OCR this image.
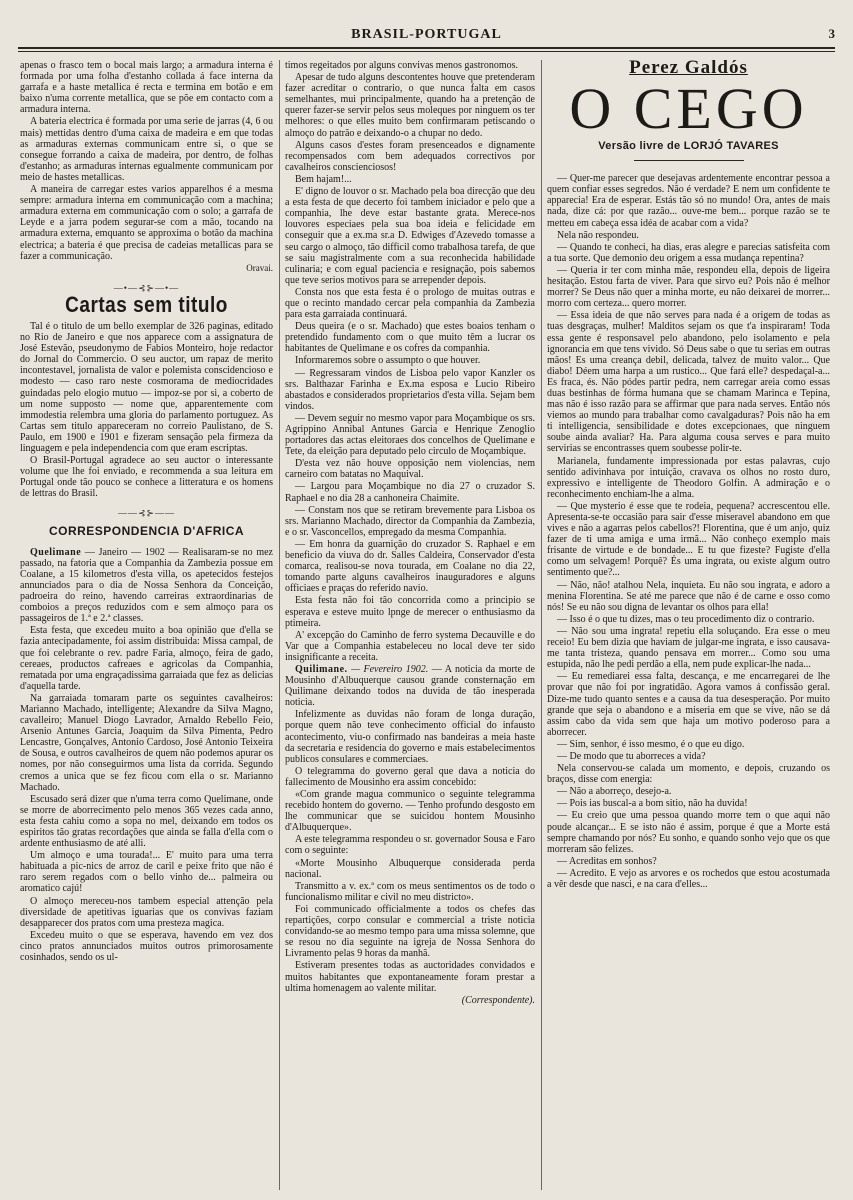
BRASIL-PORTUGAL	3

apenas o frasco tem o bocal mais largo; a armadura interna é formada por uma folha d'estanho collada á face interna da garrafa e a haste metallica é recta e termina em botão e em baixo n'uma corrente metallica, que se põe em contacto com a armadura interna.

A bateria electrica é formada por uma serie de jarras (4, 6 ou mais) mettidas dentro d'uma caixa de madeira e em que todas as armaduras externas communicam entre si, o que se consegue forrando a caixa de madeira, por dentro, de folhas d'estanho; as armaduras internas egualmente communicam por meio de hastes metallicas.

A maneira de carregar estes varios apparelhos é a mesma sempre: armadura interna em communicação com a machina; armadura externa em communicação com o solo; a garrafa de Leyde e a jarra podem segurar-se com a mão, tocando na armadura externa, emquanto se approxima o botão da machina electrica; a bateria é que precisa de cadeias metallicas para se fazer a communicação.

Oravai.
—•—⊰⊱—•—
Cartas sem titulo

Tal é o titulo de um bello exemplar de 326 paginas, editado no Rio de Janeiro e que nos apparece com a assignatura de José Estevão, pseudonymo de Fabios Monteiro, hoje redactor do Jornal do Commercio. O seu auctor, um rapaz de merito incontestavel, jornalista de valor e polemista conscidencioso e modesto — caso raro neste cosmorama de mediocridades guindadas pelo elogio mutuo — impoz-se por si, a coberto de um nome supposto — nome que, apparentemente com immodestia relembra uma gloria do parlamento portuguez. As Cartas sem titulo appareceram no correio Paulistano, de S. Paulo, em 1900 e 1901 e fizeram sensação pela firmeza da linguagem e pela independencia com que eram escriptas.

O Brasil-Portugal agradece ao seu auctor o interessante volume que lhe foi enviado, e recommenda a sua leitura em Portugal onde tão pouco se conhece a litteratura e os homens de lettras do Brasil.

——⊰⊱——
CORRESPONDENCIA D'AFRICA

Quelimane — Janeiro — 1902 — Realisaram-se no mez passado, na fatoria que a Companhia da Zambezia possue em Coalane, a 15 kilometros d'esta villa, os apetecidos festejos annunciados para o dia de Nossa Senhora da Conceição, padroeira do reino, havendo carreiras extraordinarias de comboios a preços reduzidos com e sem almoço para os passageiros de 1.ª e 2.ª classes.

Esta festa, que excedeu muito a boa opinião que d'ella se fazia antecipadamente, foi assim distribuida: Missa campal, de que foi celebrante o rev. padre Faria, almoço, feira de gado, cereaes, productos cafreaes e agricolas da Companhia, rematada por uma engraçadissima garraiada que fez as delicias d'aquella tarde.

Na garraiada tomaram parte os seguintes cavalheiros: Marianno Machado, intelligente; Alexandre da Silva Magno, cavalleiro; Manuel Diogo Lavrador, Arnaldo Rebello Feio, Arsenio Antunes Garcia, Joaquim da Silva Pimenta, Pedro Lencastre, Gonçalves, Antonio Cardoso, José Antonio Teixeira de Sousa, e outros cavalheiros de quem não podemos apurar os nomes, por não conseguirmos uma lista da corrida. Segundo cremos a unica que se fez ficou com ella o sr. Marianno Machado.

Escusado será dizer que n'uma terra como Quelimane, onde se morre de aborrecimento pelo menos 365 vezes cada anno, esta festa cahiu como a sopa no mel, deixando em todos os espiritos tão gratas recordações que ainda se falla d'ella com o ardente enthusiasmo de até alli.

Um almoço e uma tourada!... E' muito para uma terra habituada a pic-nics de arroz de caril e peixe frito que não é raro serem regados com o bello vinho de... palmeira ou aromatico cajú!

O almoço mereceu-nos tambem especial attenção pela diversidade de apetitivas iguarias que os convivas faziam desapparecer dos pratos com uma presteza magica.

Excedeu muito o que se esperava, havendo em vez dos cinco pratos annunciados muitos outros primorosamente cosinhados, sendo os ul-

timos regeitados por alguns convivas menos gastronomos.

Apesar de tudo alguns descontentes houve que pretenderam fazer acreditar o contrario, o que nunca falta em casos semelhantes, mui principalmente, quando ha a pretenção de querer fazer-se servir pelos seus moleques por ninguem os ter melhores: o que elles muito bem confirmaram petiscando o almoço do patrão e deixando-o a chupar no dedo.

Alguns casos d'estes foram presenceados e dignamente recompensados com bem adequados correctivos por cavalheiros conscienciosos!

Bem hajam!...

E' digno de louvor o sr. Machado pela boa direcção que deu a esta festa de que decerto foi tambem iniciador e pelo que a companhia, lhe deve estar bastante grata. Merece-nos louvores especiaes pela sua boa ideia e felicidade em conseguir que a ex.ma sr.a D. Edwiges d'Azevedo tomasse a seu cargo o almoço, tão difficil como trabalhosa tarefa, de que se saiu magistralmente com a sua reconhecida habilidade culinaria; e com egual paciencia e resignação, pois sabemos que teve serios motivos para se arrepender depois.

Consta nos que esta festa é o prologo de muitas outras e que o recinto mandado cercar pela companhia da Zambezia para esta garraiada continuará.

Deus queira (e o sr. Machado) que estes boaios tenham o pretendido fundamento com o que muito têm a lucrar os habitantes de Quelimane e os cofres da companhia.

Informaremos sobre o assumpto o que houver.

— Regressaram vindos de Lisboa pelo vapor Kanzler os srs. Balthazar Farinha e Ex.ma esposa e Lucio Ribeiro abastados e considerados proprietarios d'esta villa. Sejam bem vindos.

— Devem seguir no mesmo vapor para Moçambique os srs. Agrippino Annibal Antunes Garcia e Henrique Zenoglio portadores das actas eleitoraes dos concelhos de Quelimane e Tete, da eleição para deputado pelo circulo de Moçambique.

D'esta vez não houve opposição nem violencias, nem carneiro com batatas no Maquival.

— Largou para Moçambique no dia 27 o cruzador S. Raphael e no dia 28 a canhoneira Chaimite.

— Constam nos que se retiram brevemente para Lisboa os srs. Marianno Machado, director da Companhia da Zambezia, e o sr. Vasconcellos, empregado da mesma Companhia.

— Em honra da guarnição do cruzador S. Raphael e em beneficio da viuva do dr. Salles Caldeira, Conservador d'esta comarca, realisou-se nova tourada, em Coalane no dia 22, tomando parte alguns cavalheiros inauguradores e alguns officiaes e praças do referido navio.

Esta festa não foi tão concorrida como a principio se esperava e esteve muito lpnge de merecer o enthusiasmo da ptimeira.

A' excepção do Caminho de ferro systema Decauville e do Var que a Companhia estabeleceu no local deve ter sido insignificante a receita.

Quilimane. — Fevereiro 1902. — A noticia da morte de Mousinho d'Albuquerque causou grande consternação em Quilimane deixando todos na duvida de tão inesperada noticia.

Infelizmente as duvidas não foram de longa duração, porque quem não teve conhecimento official do infausto acontecimento, viu-o confirmado nas bandeiras a meia haste da secretaria e residencia do governo e mais estabelecimentos publicos consulares e commerciaes.

O telegramma do governo geral que dava a noticia do fallecimento de Mousinho era assim concebido:

«Com grande magua communico o seguinte telegramma recebido hontem do governo. — Tenho profundo desgosto em lhe communicar que se suicidou hontem Mousinho d'Albuquerque».

A este telegramma respondeu o sr. governador Sousa e Faro com o seguinte:

«Morte Mousinho Albuquerque considerada perda nacional.

Transmitto a v. ex.ª com os meus sentimentos os de todo o funcionalismo militar e civil no meu districto».

Foi communicado officialmente a todos os chefes das repartições, corpo consular e commercial a triste noticia convidando-se ao mesmo tempo para uma missa solemne, que se resou no dia seguinte na igreja de Nossa Senhora do Livramento pelas 9 horas da manhã.

Estiveram presentes todas as auctoridades convidados e muitos habitantes que expontaneamente foram prestar a ultima homenagem ao valente militar.

(Correspondente).
Perez Galdós
O CEGO
Versão livre de LORJÓ TAVARES

— Quer-me parecer que desejavas ardentemente encontrar pessoa a quem confiar esses segredos. Não é verdade? E nem um confidente te apparecia! Era de esperar. Estás tão só no mundo! Ora, antes de mais nada, dize cá: por que razão... ouve-me bem... porque razão se te metteu em cabeça essa idéa de acabar com a vida?

Nela não respondeu.

— Quando te conheci, ha dias, eras alegre e parecias satisfeita com a tua sorte. Que demonio deu origem a essa mudança repentina?

— Queria ir ter com minha mãe, respondeu ella, depois de ligeira hesitação. Estou farta de viver. Para que sirvo eu? Pois não é melhor morrer? Se Deus não quer a minha morte, eu não deixarei de morrer... morro com certeza... quero morrer.

— Essa ideia de que não serves para nada é a origem de todas as tuas desgraças, mulher! Malditos sejam os que t'a inspiraram! Toda essa gente é responsavel pelo abandono, pelo isolamento e pela ignorancia em que tens vivido. Só Deus sabe o que tu serias em outras mãos! Es uma creança debil, delicada, talvez de muito valor... Que diabo! Déem uma harpa a um rustico... Que fará elle? despedaçal-a... Es fraca, és. Não pódes partir pedra, nem carregar areia como essas duas bestinhas de fórma humana que se chamam Marinca e Tepina, mas não é isso razão para se affirmar que para nada serves. Então nós viemos ao mundo para trabalhar como cavalgaduras? Pois não ha em ti intelligencia, sensibilidade e dotes excepcionaes, que ninguem soube ainda avaliar? Ha. Para alguma cousa serves e para muito servirias se encontrasses quem soubesse polir-te.

Marianela, fundamente impressionada por estas palavras, cujo sentido adivinhava por intuição, cravava os olhos no rosto duro, expressivo e intelligente de Theodoro Golfin. A admiração e o reconhecimento enchiam-lhe a alma.

— Que mysterio é esse que te rodeia, pequena? accrescentou elle. Apresenta-se-te occasião para sair d'esse miseravel abandono em que vives e não a agarras pelos cabellos?! Florentina, que é um anjo, quiz fazer de ti uma amiga e uma irmã... Não conheço exemplo mais frisante de virtude e de bondade... E tu que fizeste? Fugiste d'ella como um selvagem! Porquê? És uma ingrata, ou existe algum outro sentimento que?...

— Não, não! atalhou Nela, inquieta. Eu não sou ingrata, e adoro a menina Florentina. Se até me parece que não é de carne e osso como nós! Se eu não sou digna de levantar os olhos para ella!

— Isso é o que tu dizes, mas o teu procedimento diz o contrario.

— Não sou uma ingrata! repetiu ella soluçando. Era esse o meu receio! Eu bem dizia que haviam de julgar-me ingrata, e isso causava-me tanta tristeza, quando pensava em morrer... Como sou uma estupida, não lhe pedi perdão a ella, nem pude explicar-lhe nada...

— Eu remediarei essa falta, descança, e me encarregarei de lhe provar que não foi por ingratidão. Agora vamos á confissão geral. Dize-me tudo quanto sentes e a causa da tua desesperação. Por muito grande que seja o abandono e a miseria em que se vive, não se dá assim cabo da vida sem que haja um motivo poderoso para a aborrecer.

— Sim, senhor, é isso mesmo, é o que eu digo.

— De modo que tu aborreces a vida?

Nela conservou-se calada um momento, e depois, cruzando os braços, disse com energia:

— Não a aborreço, desejo-a.

— Pois ias buscal-a a bom sitio, não ha duvida!

— Eu creio que uma pessoa quando morre tem o que aqui não poude alcançar... E se isto não é assim, porque é que a Morte está sempre chamando por nós? Eu sonho, e quando sonho vejo que os que morreram são felizes.

— Acreditas em sonhos?

— Acredito. E vejo as arvores e os rochedos que estou acostumada a vêr desde que nasci, e na cara d'elles...
